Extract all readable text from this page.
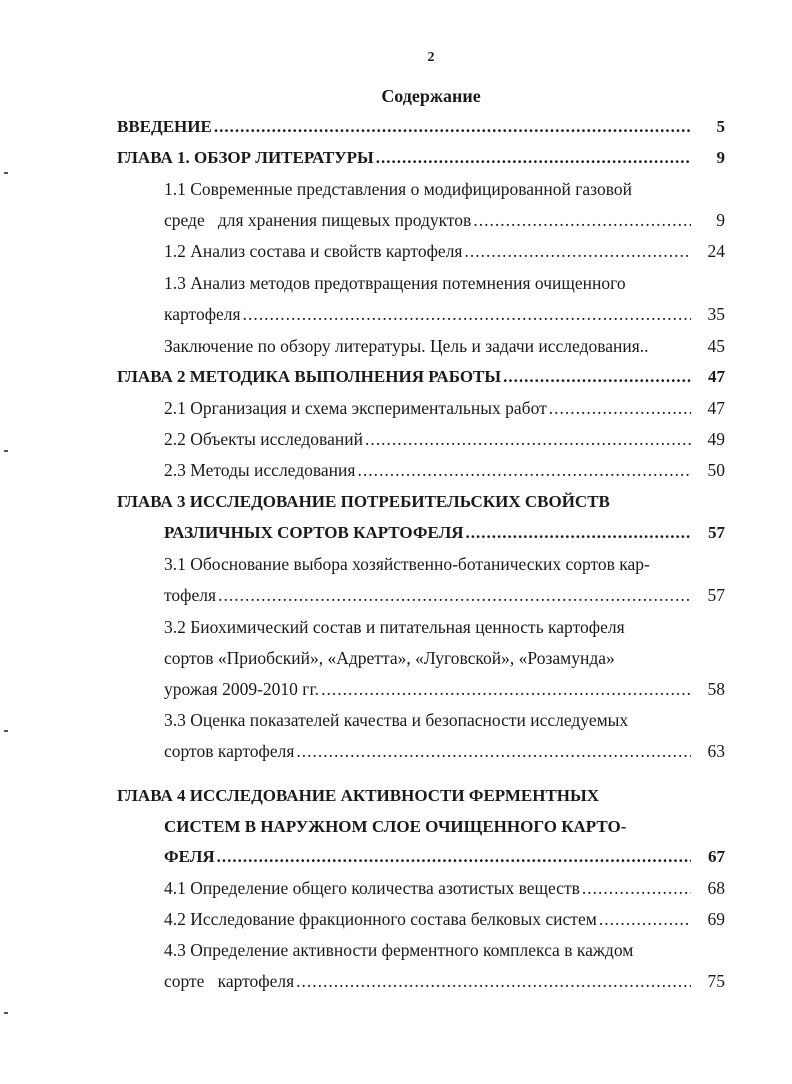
2
Содержание
ВВЕДЕНИЕ .....	5
ГЛАВА 1. ОБЗОР ЛИТЕРАТУРЫ .....	9
1.1 Современные представления о модифицированной газовой
среде   для хранения пищевых продуктов .....	9
1.2 Анализ состава и свойств картофеля .....	24
1.3 Анализ методов предотвращения потемнения очищенного
картофеля .....	35
Заключение по обзору литературы. Цель и задачи исследования..	45
ГЛАВА 2 МЕТОДИКА ВЫПОЛНЕНИЯ РАБОТЫ .....	47
2.1 Организация и схема экспериментальных работ .....	47
2.2 Объекты исследований .....	49
2.3 Методы исследования .....	50
ГЛАВА 3 ИССЛЕДОВАНИЕ ПОТРЕБИТЕЛЬСКИХ СВОЙСТВ
РАЗЛИЧНЫХ СОРТОВ КАРТОФЕЛЯ .....	57
3.1 Обоснование выбора хозяйственно-ботанических сортов кар-
тофеля .....	57
3.2 Биохимический состав и питательная ценность картофеля
сортов «Приобский», «Адретта», «Луговской», «Розамунда»
урожая 2009-2010 гг. .....	58
3.3 Оценка показателей качества и безопасности исследуемых
сортов картофеля .....	63
ГЛАВА 4 ИССЛЕДОВАНИЕ АКТИВНОСТИ ФЕРМЕНТНЫХ
СИСТЕМ В НАРУЖНОМ СЛОЕ ОЧИЩЕННОГО КАРТО-
ФЕЛЯ .....	67
4.1 Определение общего количества азотистых веществ .....	68
4.2 Исследование фракционного состава белковых систем .....	69
4.3 Определение активности ферментного комплекса в каждом
сорте   картофеля .....	75
